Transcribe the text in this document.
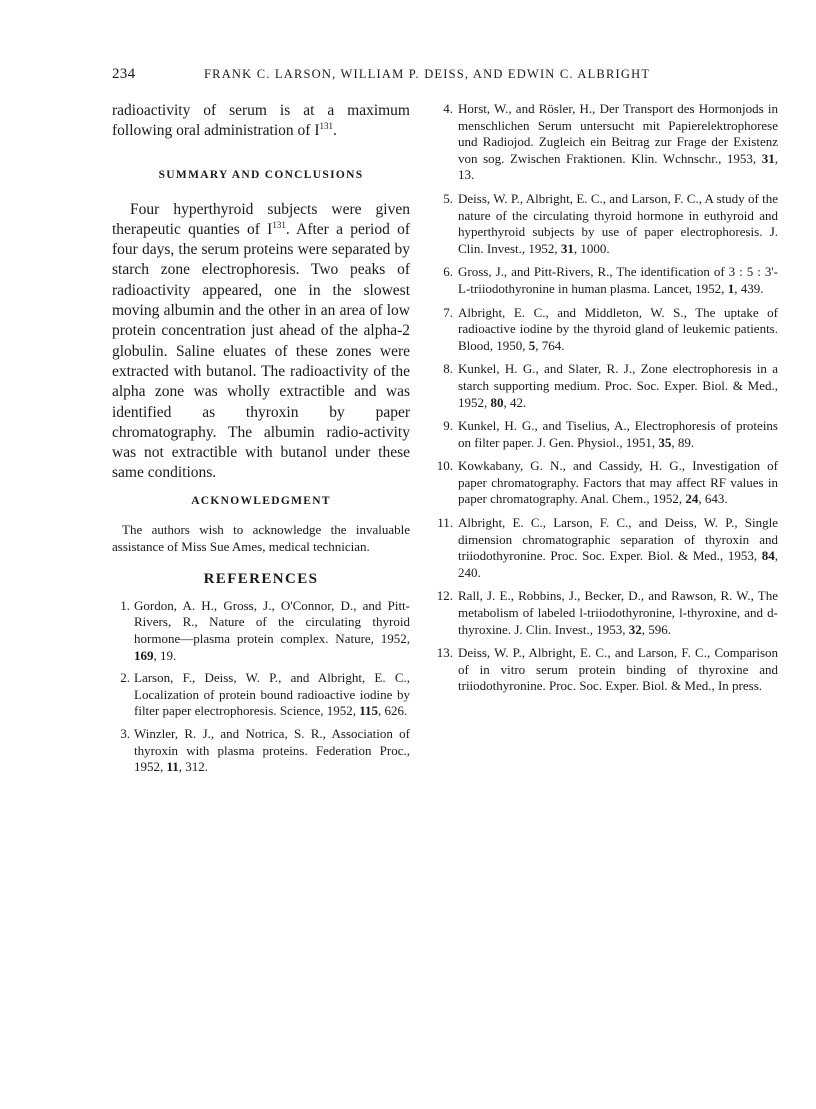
234	FRANK C. LARSON, WILLIAM P. DEISS, AND EDWIN C. ALBRIGHT

radioactivity of serum is at a maximum following oral administration of $I^{131}$.

SUMMARY AND CONCLUSIONS

Four hyperthyroid subjects were given therapeutic quanties of $I^{131}$. After a period of four days, the serum proteins were separated by starch zone electrophoresis. Two peaks of radioactivity appeared, one in the slowest moving albumin and the other in an area of low protein concentration just ahead of the alpha-2 globulin. Saline eluates of these zones were extracted with butanol. The radioactivity of the alpha zone was wholly extractible and was identified as thyroxin by paper chromatography. The albumin radio-activity was not extractible with butanol under these same conditions.

ACKNOWLEDGMENT

The authors wish to acknowledge the invaluable assistance of Miss Sue Ames, medical technician.

REFERENCES
1. Gordon, A. H., Gross, J., O'Connor, D., and Pitt-Rivers, R., Nature of the circulating thyroid hormone—plasma protein complex. Nature, 1952, 169, 19.
2. Larson, F., Deiss, W. P., and Albright, E. C., Localization of protein bound radioactive iodine by filter paper electrophoresis. Science, 1952, 115, 626.
3. Winzler, R. J., and Notrica, S. R., Association of thyroxin with plasma proteins. Federation Proc., 1952, 11, 312.
4. Horst, W., and Rösler, H., Der Transport des Hormonjods in menschlichen Serum untersucht mit Papierelektrophorese und Radiojod. Zugleich ein Beitrag zur Frage der Existenz von sog. Zwischen Fraktionen. Klin. Wchnschr., 1953, 31, 13.
5. Deiss, W. P., Albright, E. C., and Larson, F. C., A study of the nature of the circulating thyroid hormone in euthyroid and hyperthyroid subjects by use of paper electrophoresis. J. Clin. Invest., 1952, 31, 1000.
6. Gross, J., and Pitt-Rivers, R., The identification of 3 : 5 : 3'-L-triiodothyronine in human plasma. Lancet, 1952, 1, 439.
7. Albright, E. C., and Middleton, W. S., The uptake of radioactive iodine by the thyroid gland of leukemic patients. Blood, 1950, 5, 764.
8. Kunkel, H. G., and Slater, R. J., Zone electrophoresis in a starch supporting medium. Proc. Soc. Exper. Biol. & Med., 1952, 80, 42.
9. Kunkel, H. G., and Tiselius, A., Electrophoresis of proteins on filter paper. J. Gen. Physiol., 1951, 35, 89.
10. Kowkabany, G. N., and Cassidy, H. G., Investigation of paper chromatography. Factors that may affect RF values in paper chromatography. Anal. Chem., 1952, 24, 643.
11. Albright, E. C., Larson, F. C., and Deiss, W. P., Single dimension chromatographic separation of thyroxin and triiodothyronine. Proc. Soc. Exper. Biol. & Med., 1953, 84, 240.
12. Rall, J. E., Robbins, J., Becker, D., and Rawson, R. W., The metabolism of labeled l-triiodothyronine, l-thyroxine, and d-thyroxine. J. Clin. Invest., 1953, 32, 596.
13. Deiss, W. P., Albright, E. C., and Larson, F. C., Comparison of in vitro serum protein binding of thyroxine and triiodothyronine. Proc. Soc. Exper. Biol. & Med., In press.
